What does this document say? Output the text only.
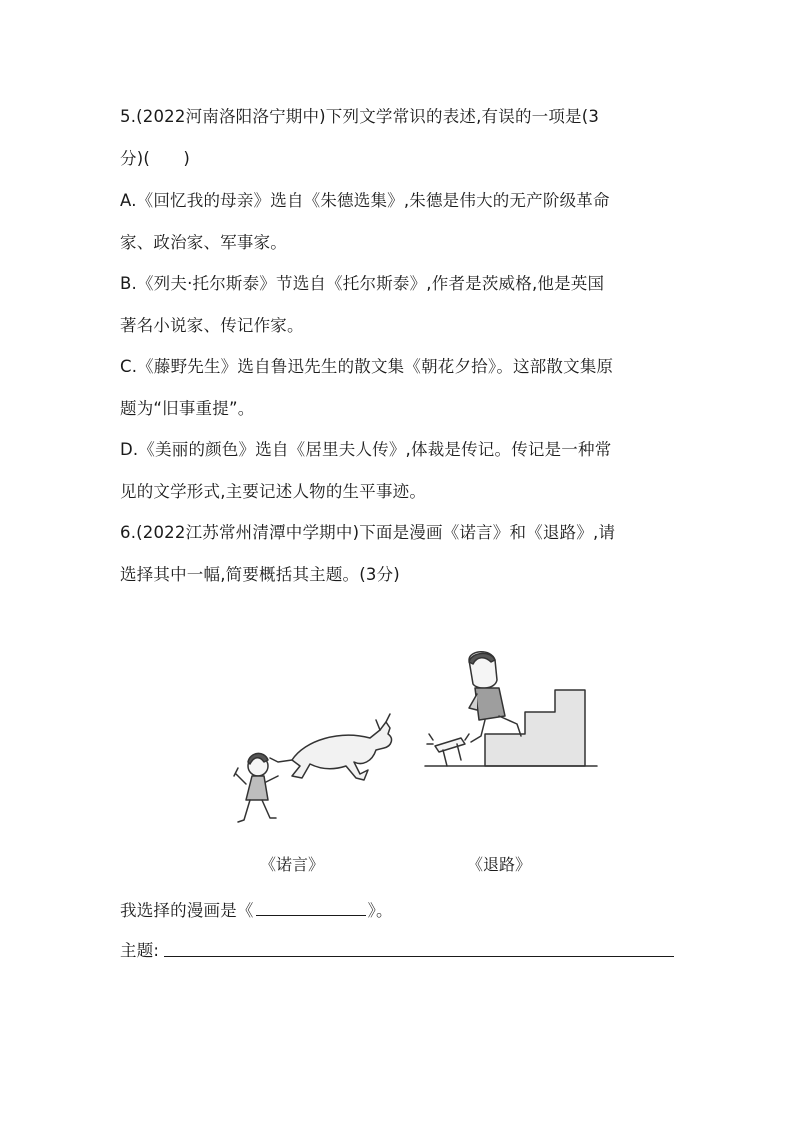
5.(2022河南洛阳洛宁期中)下列文学常识的表述,有误的一项是(3
分)(　　)
A.《回忆我的母亲》选自《朱德选集》,朱德是伟大的无产阶级革命
家、政治家、军事家。
B.《列夫·托尔斯泰》节选自《托尔斯泰》,作者是茨威格,他是英国
著名小说家、传记作家。
C.《藤野先生》选自鲁迅先生的散文集《朝花夕拾》。这部散文集原
题为“旧事重提”。
D.《美丽的颜色》选自《居里夫人传》,体裁是传记。传记是一种常
见的文学形式,主要记述人物的生平事迹。
6.(2022江苏常州清潭中学期中)下面是漫画《诺言》和《退路》,请
选择其中一幅,简要概括其主题。(3分)
《诺言》	《退路》
我选择的漫画是《	》。
主题:
